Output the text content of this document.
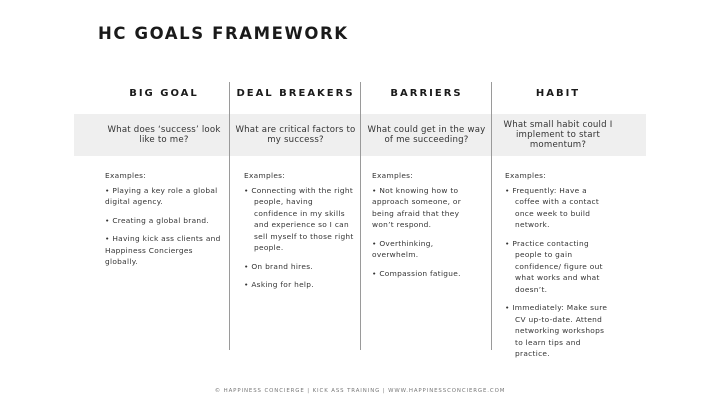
HC GOALS FRAMEWORK
BIG GOAL
What does ‘success’ look like to me?
Examples:
• Playing a key role a global digital agency.
• Creating a global brand.
• Having kick ass clients and Happiness Concierges globally.
DEAL BREAKERS
What are critical factors to my success?
Examples:
• Connecting with the right people, having confidence in my skills and experience so I can sell myself to those right people.
• On brand hires.
• Asking for help.
BARRIERS
What could get in the way of me succeeding?
Examples:
• Not knowing how to approach someone, or being afraid that they won’t respond.
• Overthinking, overwhelm.
• Compassion fatigue.
HABIT
What small habit could I implement to start momentum?
Examples:
• Frequently: Have a coffee with a contact once week to build network.
• Practice contacting people to gain confidence/ figure out what works and what doesn’t.
• Immediately: Make sure CV up-to-date. Attend networking workshops to learn tips and practice.
© HAPPINESS CONCIERGE | KICK ASS TRAINING | WWW.HAPPINESSCONCIERGE.COM
